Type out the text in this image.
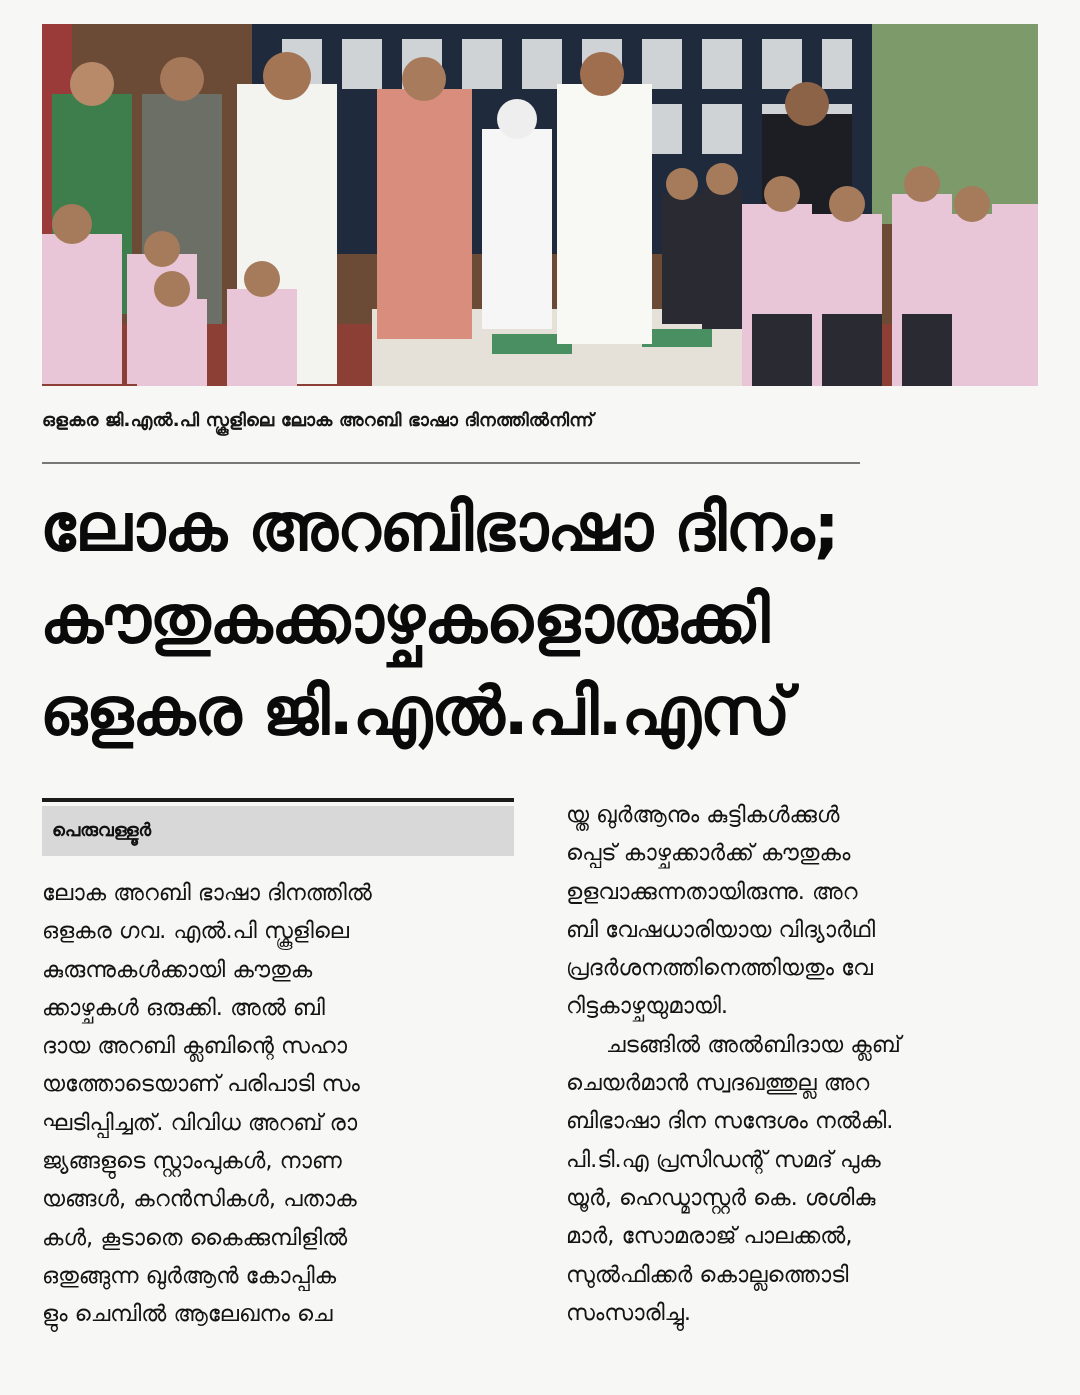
ഒളകര ജി.എൽ.പി സ്കൂളിലെ ലോക അറബി ഭാഷാ ദിനത്തിൽനിന്ന്
ലോക അറബിഭാഷാ ദിനം;
കൗതുകക്കാഴ്ചകളൊരുക്കി
ഒളകര ജി.എൽ.പി.എസ്
പെരുവള്ളൂർ
ലോക അറബി ഭാഷാ ദിനത്തിൽ
ഒളകര ഗവ. എൽ.പി സ്കൂളിലെ
കുരുന്നുകൾക്കായി കൗതുക
ക്കാഴ്ചകൾ ഒരുക്കി. അൽ ബി
ദായ അറബി ക്ലബിന്റെ സഹാ
യത്തോടെയാണ് പരിപാടി സം
ഘടിപ്പിച്ചത്. വിവിധ അറബ് രാ
ജ്യങ്ങളുടെ സ്റ്റാംപുകൾ, നാണ
യങ്ങൾ, കറൻസികൾ, പതാക
കൾ, കൂടാതെ കൈക്കുമ്പിളിൽ
ഒതുങ്ങുന്ന ഖുർആൻ കോപ്പിക
ളും ചെമ്പിൽ ആലേഖനം ചെ
യ്ത ഖുർആനും കുട്ടികൾക്കുൾ
പ്പെട് കാഴ്ചക്കാർക്ക് കൗതുകം
ഉളവാക്കുന്നതായിരുന്നു. അറ
ബി വേഷധാരിയായ വിദ്യാർഥി
പ്രദർശനത്തിനെത്തിയതും വേ
റിട്ടകാഴ്ചയുമായി.
ചടങ്ങിൽ അൽബിദായ ക്ലബ്
ചെയർമാൻ സ്വദഖത്തുല്ല അറ
ബിഭാഷാ ദിന സന്ദേശം നൽകി.
പി.ടി.എ പ്രസിഡന്റ് സമദ് പുക
യൂർ, ഹെഡ്മാസ്റ്റർ കെ. ശശികു
മാർ, സോമരാജ് പാലക്കൽ,
സുൽഫിക്കർ കൊല്ലത്തൊടി
സംസാരിച്ചു.
